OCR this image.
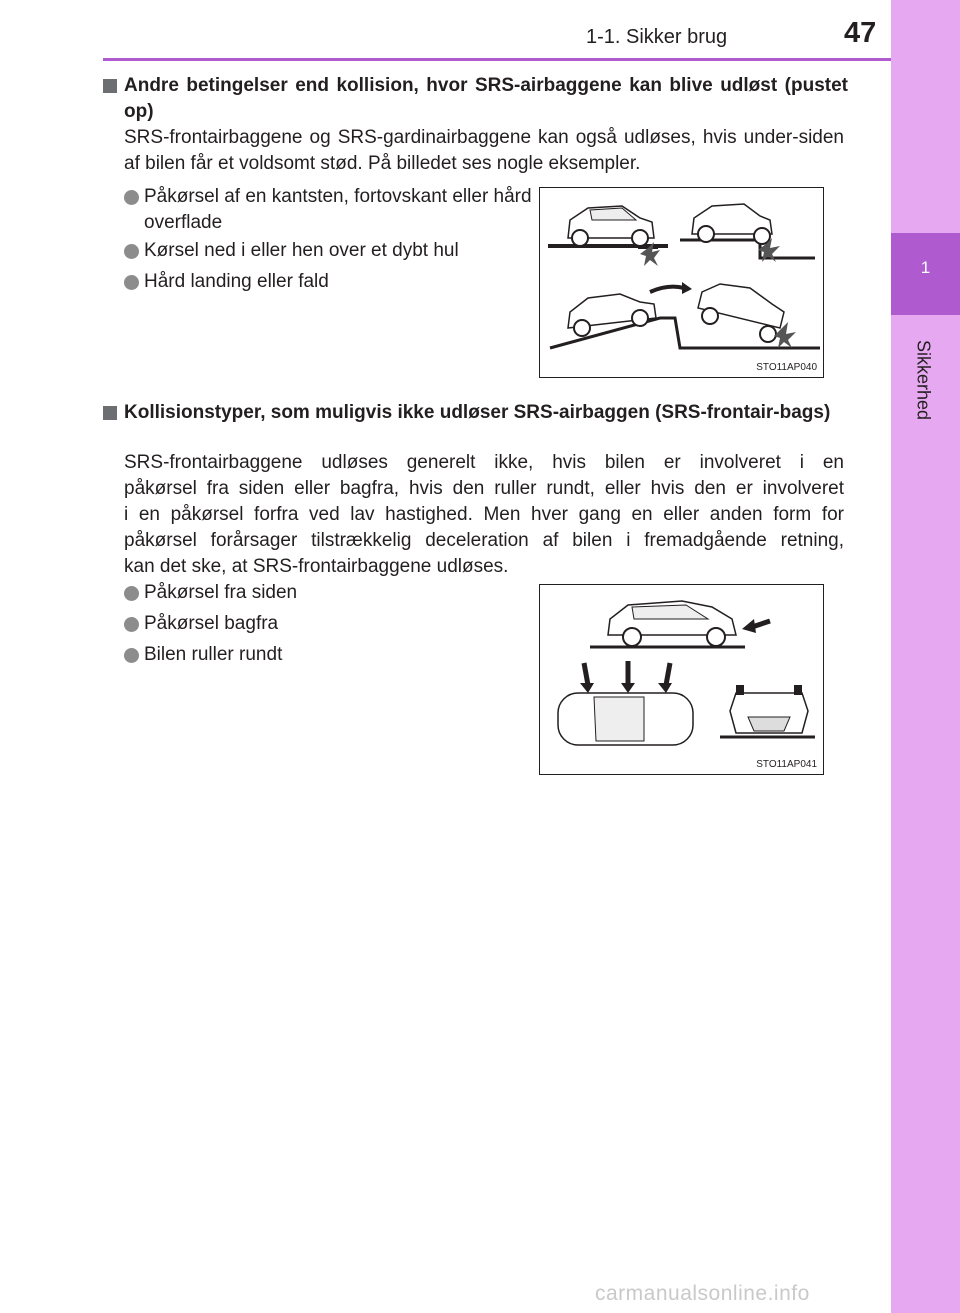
1
Sikkerhed
1-1. Sikker brug	47
Andre betingelser end kollision, hvor SRS-airbaggene kan blive udløst (pustet op)
SRS-frontairbaggene og SRS-gardinairbaggene kan også udløses, hvis under-siden af bilen får et voldsomt stød. På billedet ses nogle eksempler.
Påkørsel af en kantsten, fortovskant eller hård overflade
Kørsel ned i eller hen over et dybt hul
Hård landing eller fald
STO11AP040
Kollisionstyper, som muligvis ikke udløser SRS-airbaggen (SRS-frontair-bags)
SRS-frontairbaggene udløses generelt ikke, hvis bilen er involveret i en
påkørsel fra siden eller bagfra, hvis den ruller rundt, eller hvis den er involveret
i en påkørsel forfra ved lav hastighed. Men hver gang en eller anden form for
påkørsel forårsager tilstrækkelig deceleration af bilen i fremadgående retning,
kan det ske, at SRS-frontairbaggene udløses.
Påkørsel fra siden
Påkørsel bagfra
Bilen ruller rundt
STO11AP041
carmanualsonline.info
